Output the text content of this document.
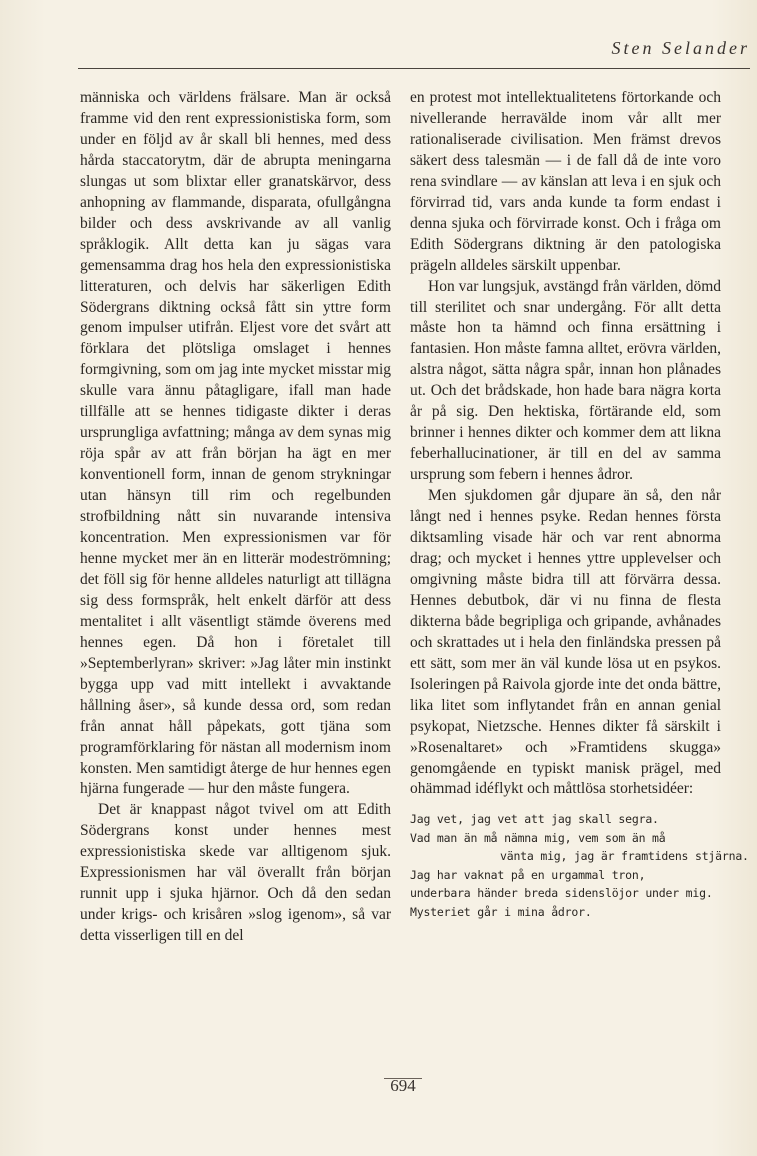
Sten Selander

människa och världens frälsare. Man är också framme vid den rent expressionistiska form, som under en följd av år skall bli hennes, med dess hårda staccatorytm, där de abrupta meningarna slungas ut som blixtar eller granatskärvor, dess anhopning av flammande, disparata, ofullgångna bilder och dess avskrivande av all vanlig språklogik. Allt detta kan ju sägas vara gemensamma drag hos hela den expressionistiska litteraturen, och delvis har säkerligen Edith Södergrans diktning också fått sin yttre form genom impulser utifrån. Eljest vore det svårt att förklara det plötsliga omslaget i hennes formgivning, som om jag inte mycket misstar mig skulle vara ännu påtagligare, ifall man hade tillfälle att se hennes tidigaste dikter i deras ursprungliga avfattning; många av dem synas mig röja spår av att från början ha ägt en mer konventionell form, innan de genom strykningar utan hänsyn till rim och regelbunden strofbildning nått sin nuvarande intensiva koncentration. Men expressionismen var för henne mycket mer än en litterär modeströmning; det föll sig för henne alldeles naturligt att tillägna sig dess formspråk, helt enkelt därför att dess mentalitet i allt väsentligt stämde överens med hennes egen. Då hon i företalet till »Septemberlyran» skriver: »Jag låter min instinkt bygga upp vad mitt intellekt i avvaktande hållning åser», så kunde dessa ord, som redan från annat håll påpekats, gott tjäna som programförklaring för nästan all modernism inom konsten. Men samtidigt återge de hur hennes egen hjärna fungerade — hur den måste fungera.

Det är knappast något tvivel om att Edith Södergrans konst under hennes mest expressionistiska skede var alltigenom sjuk. Expressionismen har väl överallt från början runnit upp i sjuka hjärnor. Och då den sedan under krigs- och krisåren »slog igenom», så var detta visserligen till en del

en protest mot intellektualitetens förtorkande och nivellerande herravälde inom vår allt mer rationaliserade civilisation. Men främst drevos säkert dess talesmän — i de fall då de inte voro rena svindlare — av känslan att leva i en sjuk och förvirrad tid, vars anda kunde ta form endast i denna sjuka och förvirrade konst. Och i fråga om Edith Södergrans diktning är den patologiska prägeln alldeles särskilt uppenbar.

Hon var lungsjuk, avstängd från världen, dömd till sterilitet och snar undergång. För allt detta måste hon ta hämnd och finna ersättning i fantasien. Hon måste famna alltet, erövra världen, alstra något, sätta några spår, innan hon plånades ut. Och det brådskade, hon hade bara nägra korta år på sig. Den hektiska, förtärande eld, som brinner i hennes dikter och kommer dem att likna feberhallucinationer, är till en del av samma ursprung som febern i hennes ådror.

Men sjukdomen går djupare än så, den når långt ned i hennes psyke. Redan hennes första diktsamling visade här och var rent abnorma drag; och mycket i hennes yttre upplevelser och omgivning måste bidra till att förvärra dessa. Hennes debutbok, där vi nu finna de flesta dikterna både begripliga och gripande, avhånades och skrattades ut i hela den finländska pressen på ett sätt, som mer än väl kunde lösa ut en psykos. Isoleringen på Raivola gjorde inte det onda bättre, lika litet som inflytandet från en annan genial psykopat, Nietzsche. Hennes dikter få särskilt i »Rosenaltaret» och »Framtidens skugga» genomgående en typiskt manisk prägel, med ohämmad idéflykt och måttlösa storhetsidéer:

Jag vet, jag vet att jag skall segra.
Vad man än må nämna mig, vem som än må
vänta mig, jag är framtidens stjärna.
Jag har vaknat på en urgammal tron,
underbara händer breda sidenslöjor under mig.
Mysteriet går i mina ådror.
694
